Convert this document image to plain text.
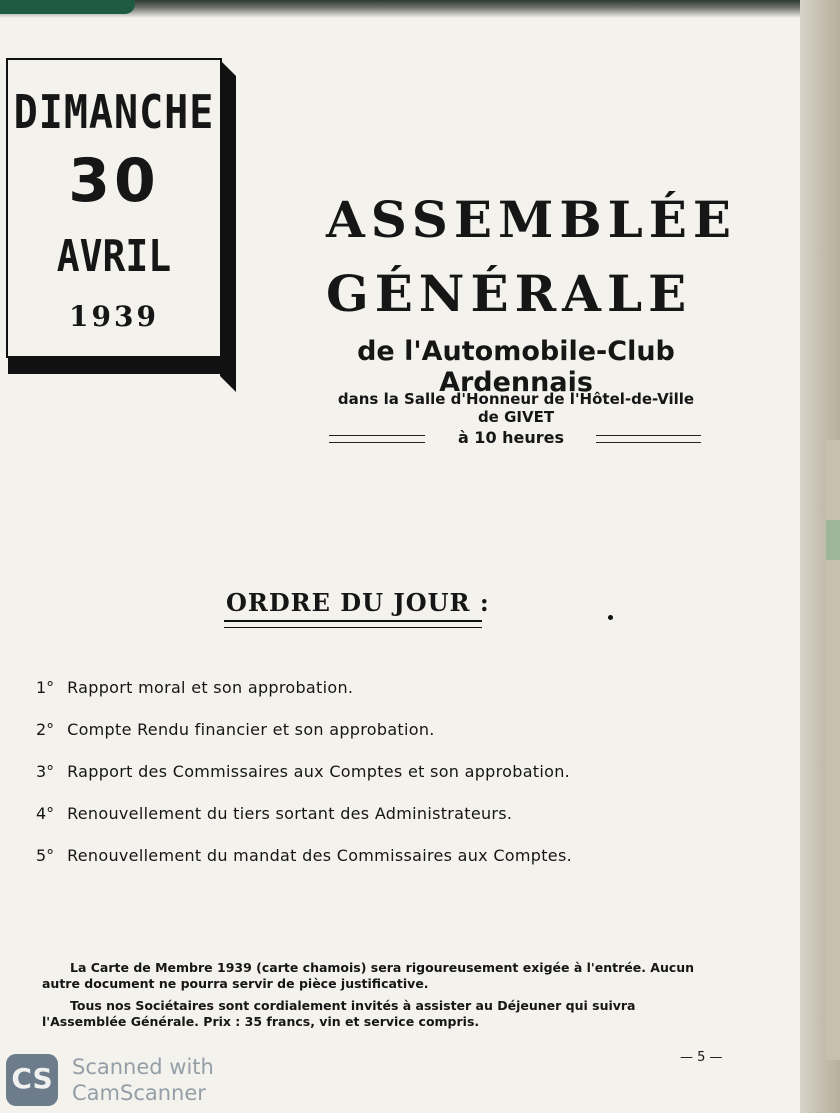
DIMANCHE
30
AVRIL
1939
ASSEMBLÉE
GÉNÉRALE
de l'Automobile-Club Ardennais
dans la Salle d'Honneur de l'Hôtel-de-Ville de GIVET
à 10 heures
ORDRE DU JOUR :
1° Rapport moral et son approbation.
2° Compte Rendu financier et son approbation.
3° Rapport des Commissaires aux Comptes et son approbation.
4° Renouvellement du tiers sortant des Administrateurs.
5° Renouvellement du mandat des Commissaires aux Comptes.
La Carte de Membre 1939 (carte chamois) sera rigoureusement exigée à l'entrée. Aucun autre document ne pourra servir de pièce justificative.
Tous nos Sociétaires sont cordialement invités à assister au Déjeuner qui suivra l'Assemblée Générale. Prix : 35 francs, vin et service compris.
— 5 —
CS Scanned with
CamScanner
